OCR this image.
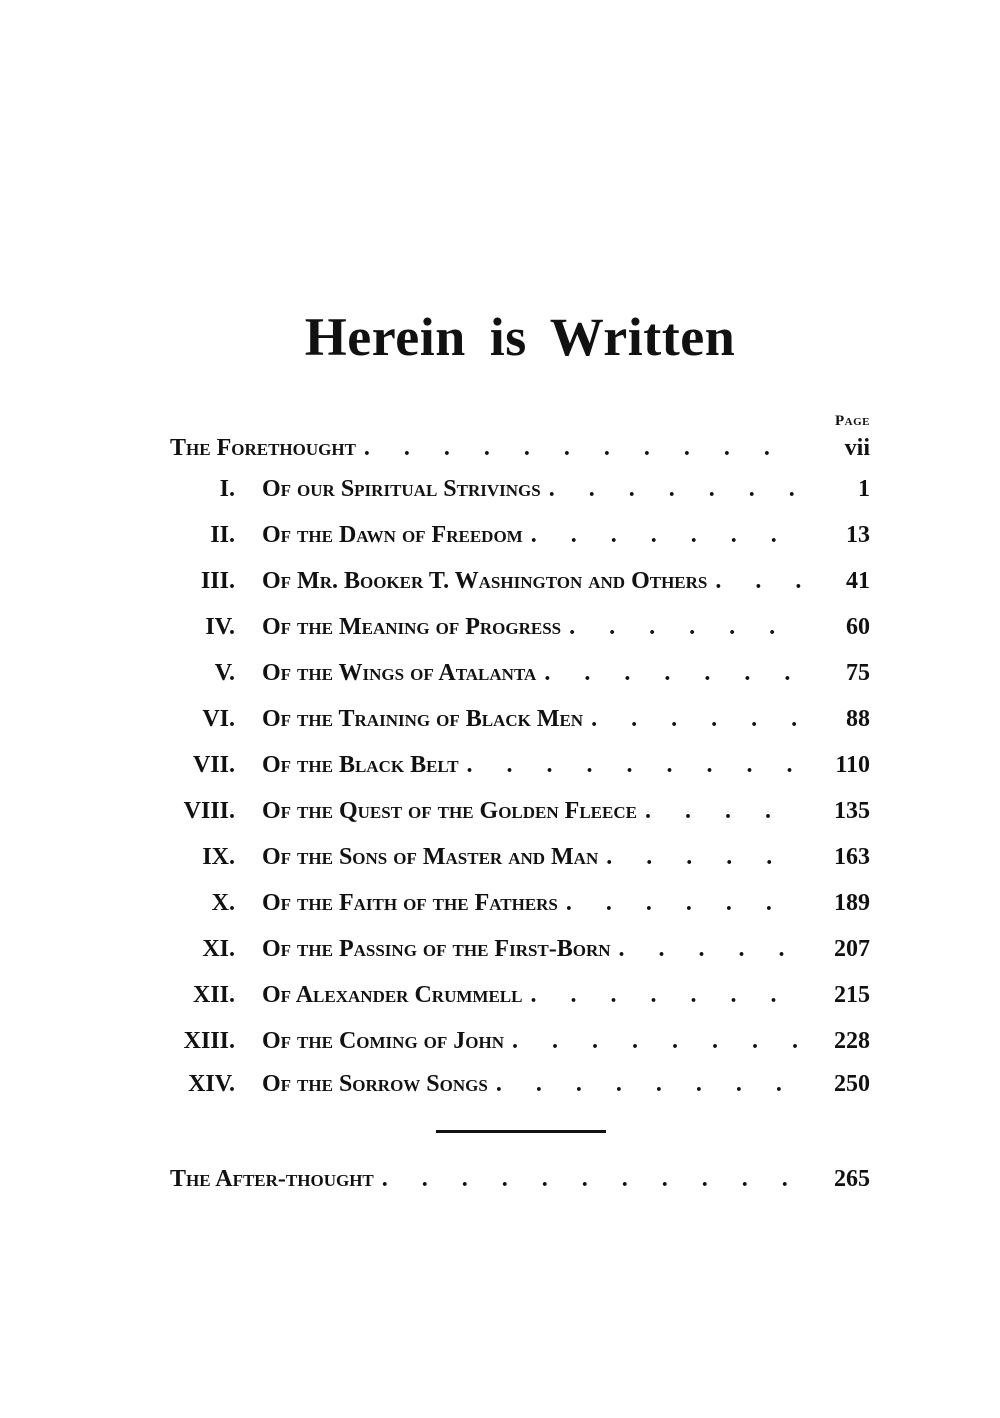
Herein is Written
Page
The Forethought . . .	vii
I. Of our Spiritual Strivings . . .	1
II. Of the Dawn of Freedom . . .	13
III. Of Mr. Booker T. Washington and Others . . .	41
IV. Of the Meaning of Progress . . .	60
V. Of the Wings of Atalanta . . .	75
VI. Of the Training of Black Men . . .	88
VII. Of the Black Belt . . .	110
VIII. Of the Quest of the Golden Fleece . . .	135
IX. Of the Sons of Master and Man . . .	163
X. Of the Faith of the Fathers . . .	189
XI. Of the Passing of the First-Born . . .	207
XII. Of Alexander Crummell . . .	215
XIII. Of the Coming of John . . .	228
XIV. Of the Sorrow Songs . . .	250
The After-thought . . .	265
